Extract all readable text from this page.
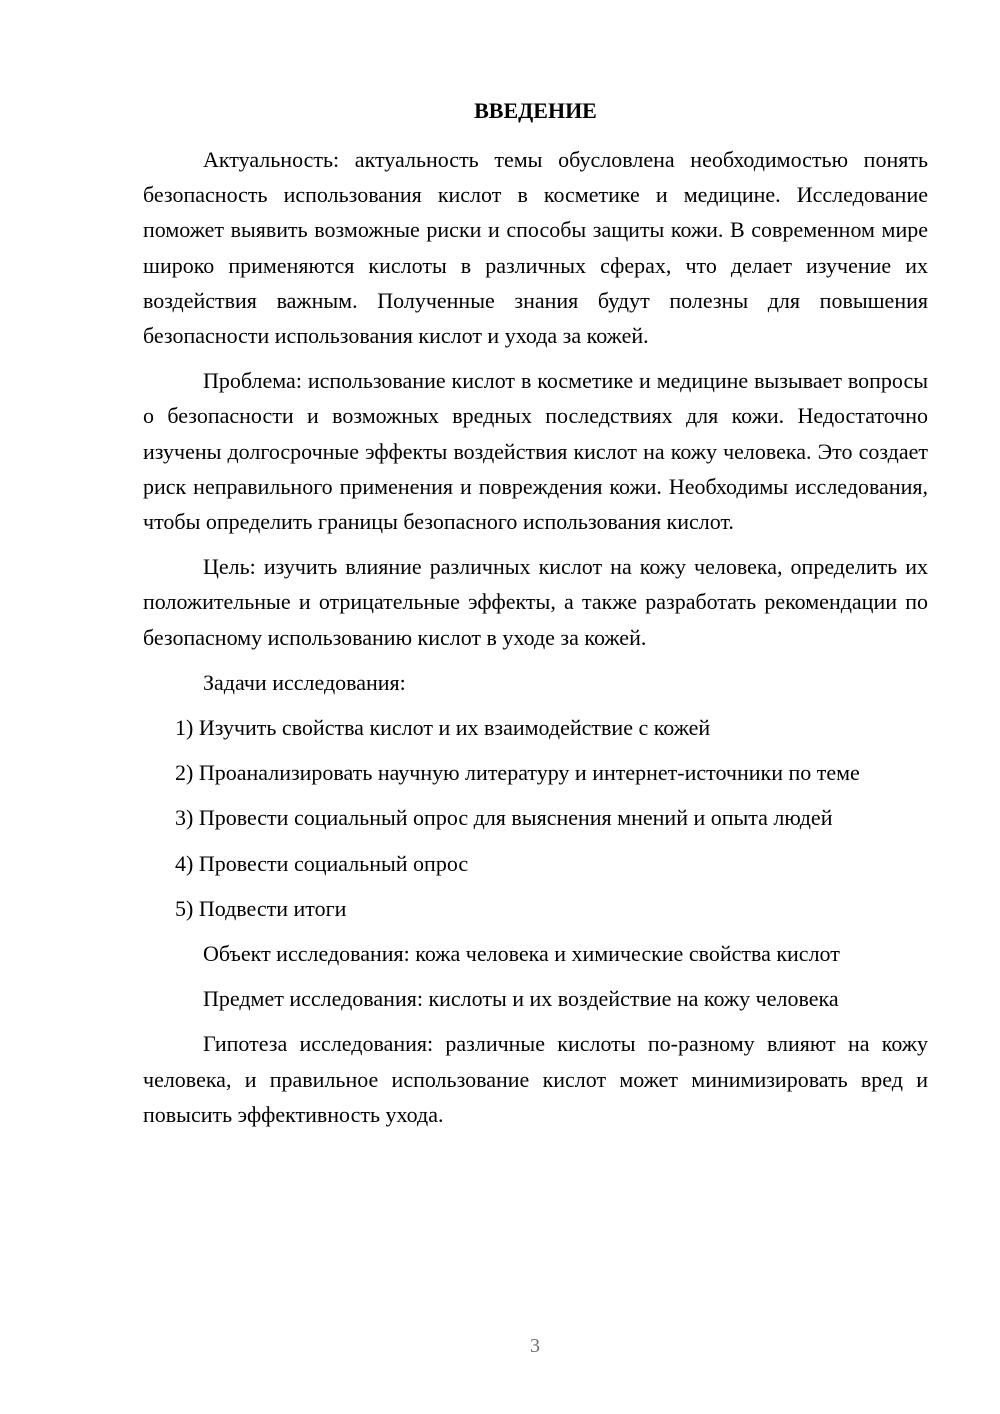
ВВЕДЕНИЕ

Актуальность: актуальность темы обусловлена необходимостью понять безопасность использования кислот в косметике и медицине. Исследование поможет выявить возможные риски и способы защиты кожи. В современном мире широко применяются кислоты в различных сферах, что делает изучение их воздействия важным. Полученные знания будут полезны для повышения безопасности использования кислот и ухода за кожей.

Проблема: использование кислот в косметике и медицине вызывает вопросы о безопасности и возможных вредных последствиях для кожи. Недостаточно изучены долгосрочные эффекты воздействия кислот на кожу человека. Это создает риск неправильного применения и повреждения кожи. Необходимы исследования, чтобы определить границы безопасного использования кислот.

Цель: изучить влияние различных кислот на кожу человека, определить их положительные и отрицательные эффекты, а также разработать рекомендации по безопасному использованию кислот в уходе за кожей.

Задачи исследования:

1) Изучить свойства кислот и их взаимодействие с кожей

2) Проанализировать научную литературу и интернет-источники по теме

3) Провести социальный опрос для выяснения мнений и опыта людей

4) Провести социальный опрос

5) Подвести итоги

Объект исследования: кожа человека и химические свойства кислот

Предмет исследования: кислоты и их воздействие на кожу человека

Гипотеза исследования: различные кислоты по-разному влияют на кожу человека, и правильное использование кислот может минимизировать вред и повысить эффективность ухода.

3
